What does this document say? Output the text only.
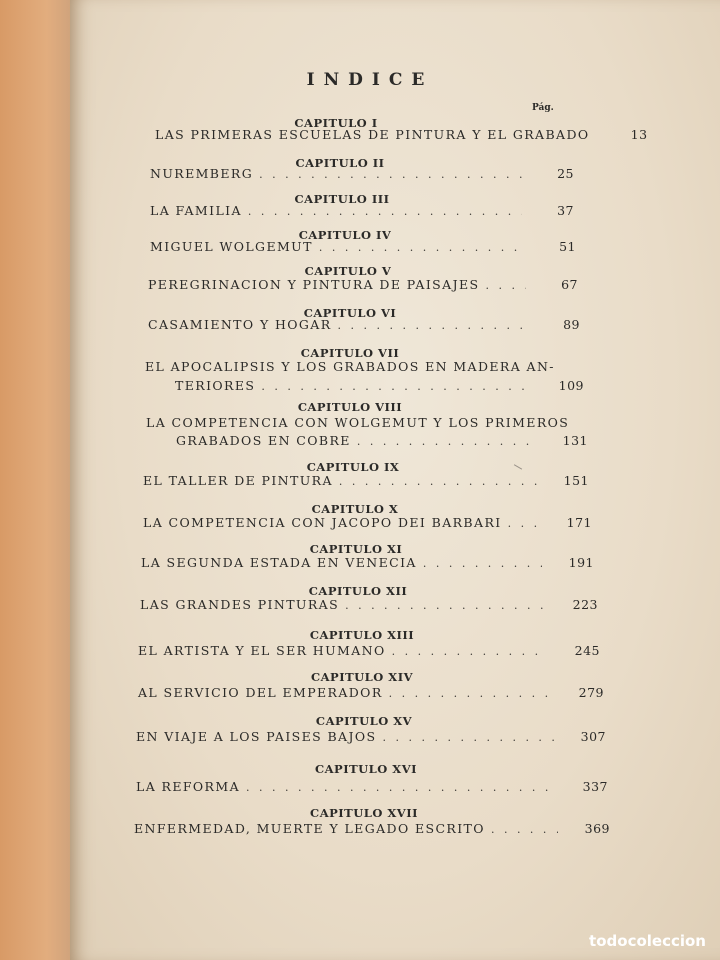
INDICE
Pág.
CAPITULO I
LAS PRIMERAS ESCUELAS DE PINTURA Y EL GRABADO	13
CAPITULO II
NUREMBERG . . .	25
CAPITULO III
LA FAMILIA . . .	37
CAPITULO IV
MIGUEL WOLGEMUT . . .	51
CAPITULO V
PEREGRINACION Y PINTURA DE PAISAJES . . .	67
CAPITULO VI
CASAMIENTO Y HOGAR . . .	89
CAPITULO VII
EL APOCALIPSIS Y LOS GRABADOS EN MADERA AN-
TERIORES . . .	109
CAPITULO VIII
LA COMPETENCIA CON WOLGEMUT Y LOS PRIMEROS
GRABADOS EN COBRE . . .	131
CAPITULO IX
EL TALLER DE PINTURA . . .	151
CAPITULO X
LA COMPETENCIA CON JACOPO DEI BARBARI . . .	171
CAPITULO XI
LA SEGUNDA ESTADA EN VENECIA . . .	191
CAPITULO XII
LAS GRANDES PINTURAS . . .	223
CAPITULO XIII
EL ARTISTA Y EL SER HUMANO . . .	245
CAPITULO XIV
AL SERVICIO DEL EMPERADOR . . .	279
CAPITULO XV
EN VIAJE A LOS PAISES BAJOS . . .	307
CAPITULO XVI
LA REFORMA . . .	337
CAPITULO XVII
ENFERMEDAD, MUERTE Y LEGADO ESCRITO . . .	369
todocoleccion
